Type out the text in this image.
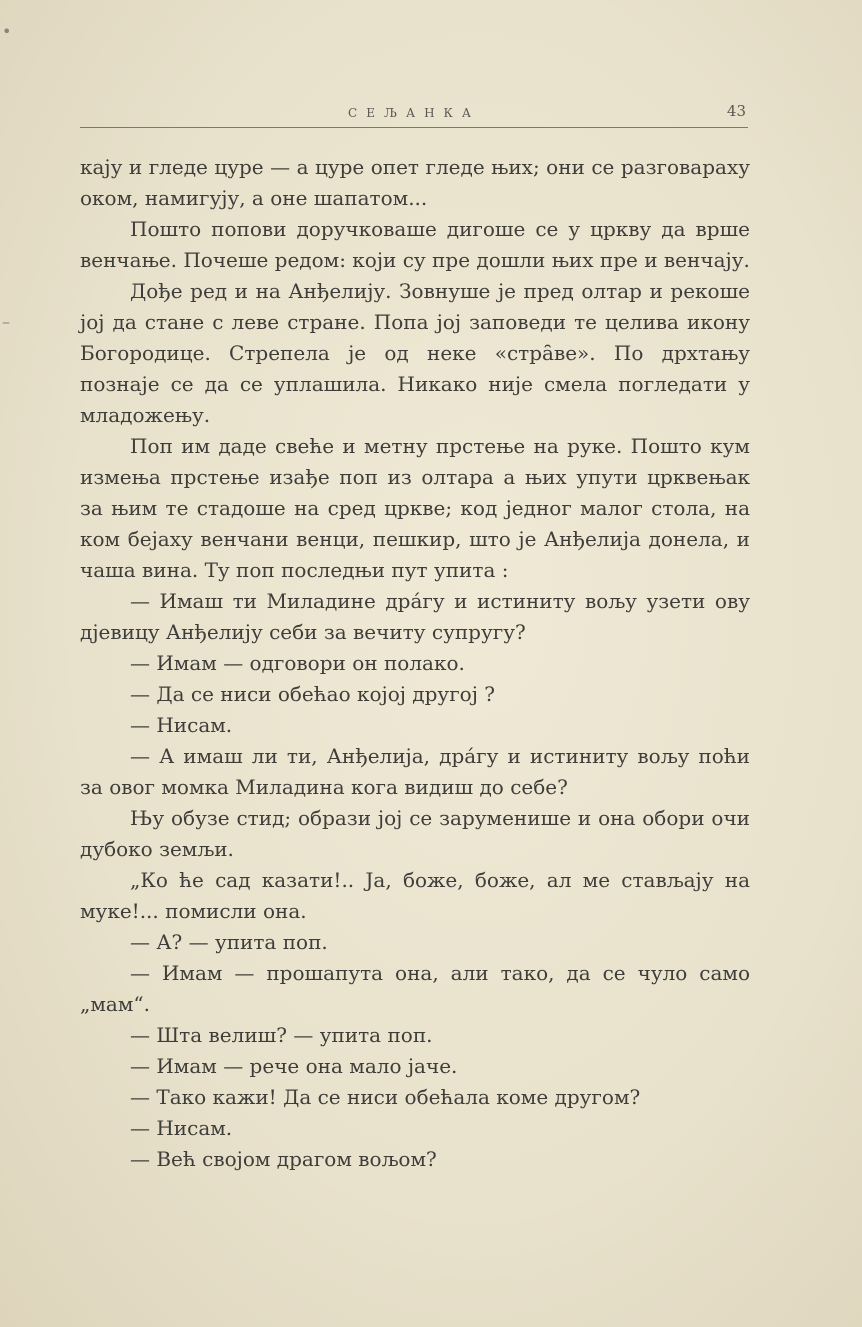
•
–
СЕЉАНКА	43

кају и гледе цуре — а цуре опет гледе њих; они се разговараху оком, намигују, а оне шапатом...

Пошто попови доручковаше дигоше се у цркву да врше венчање. Почеше редом: који су пре дошли њих пре и венчају.

Дође ред и на Анђелију. Зовнуше је пред олтар и рекоше јој да стане с леве стране. Попа јој заповеди те целива икону Богородице. Стрепела је од неке «стра̑ве». По дрхтању познаје се да се уплашила. Никако није смела погледати у младожењу.

Поп им даде свеће и метну прстење на руке. Пошто кум измења прстење изађе поп из олтара а њих упути црквењак за њим те стадоше на сред цркве; код једног малог стола, на ком бејаху венчани венци, пешкир, што је Анђелија донела, и чаша вина. Ту поп последњи пут упита :

— Имаш ти Миладине дра́гу и истиниту вољу узети ову дјевицу Анђелију себи за вечиту супругу?

— Имам — одговори он полако.

— Да се ниси обећао којој другој ?

— Нисам.

— А имаш ли ти, Анђелија, дра́гу и истиниту вољу поћи за овог момка Миладина кога видиш до себе?

Њу обузе стид; образи јој се заруменише и она обори очи дубоко земљи.

„Ко ће сад казати!.. Ја, боже, боже, ал ме стављају на муке!... помисли она.

— А? — упита поп.

— Имам — прошапута она, али тако, да се чуло само „мам“.

— Шта велиш? — упита поп.

— Имам — рече она мало јаче.

— Тако кажи! Да се ниси обећала коме другом?

— Нисам.

— Већ својом драгом вољом?
